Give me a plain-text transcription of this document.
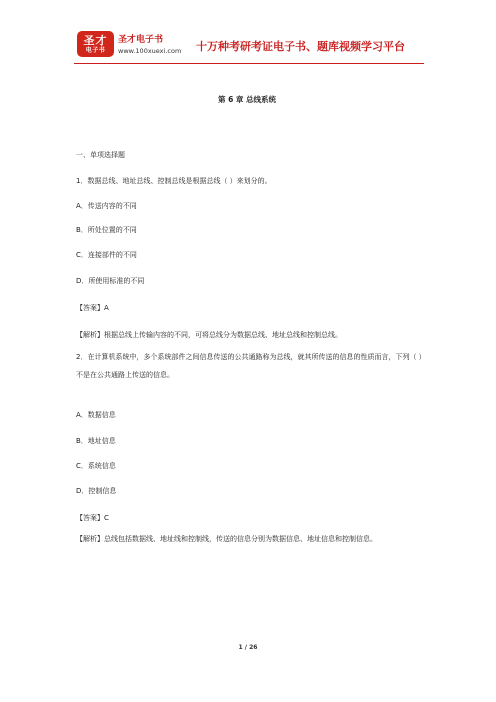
圣才
电子书
圣才电子书
www.100xuexi.com 十万种考研考证电子书、题库视频学习平台
第 6 章 总线系统
一、单项选择题
1．数据总线、地址总线、控制总线是根据总线（ ）来划分的。
A．传送内容的不同
B．所处位置的不同
C．连接部件的不同
D．所使用标准的不同
【答案】A
【解析】根据总线上传输内容的不同，可将总线分为数据总线、地址总线和控制总线。
2．在计算机系统中，多个系统部件之间信息传送的公共通路称为总线，就其所传送的信息的性质而言，下列（ ）不是在公共通路上传送的信息。
A．数据信息
B．地址信息
C．系统信息
D．控制信息
【答案】C
【解析】总线包括数据线、地址线和控制线，传送的信息分别为数据信息、地址信息和控制信息。
1 / 26
